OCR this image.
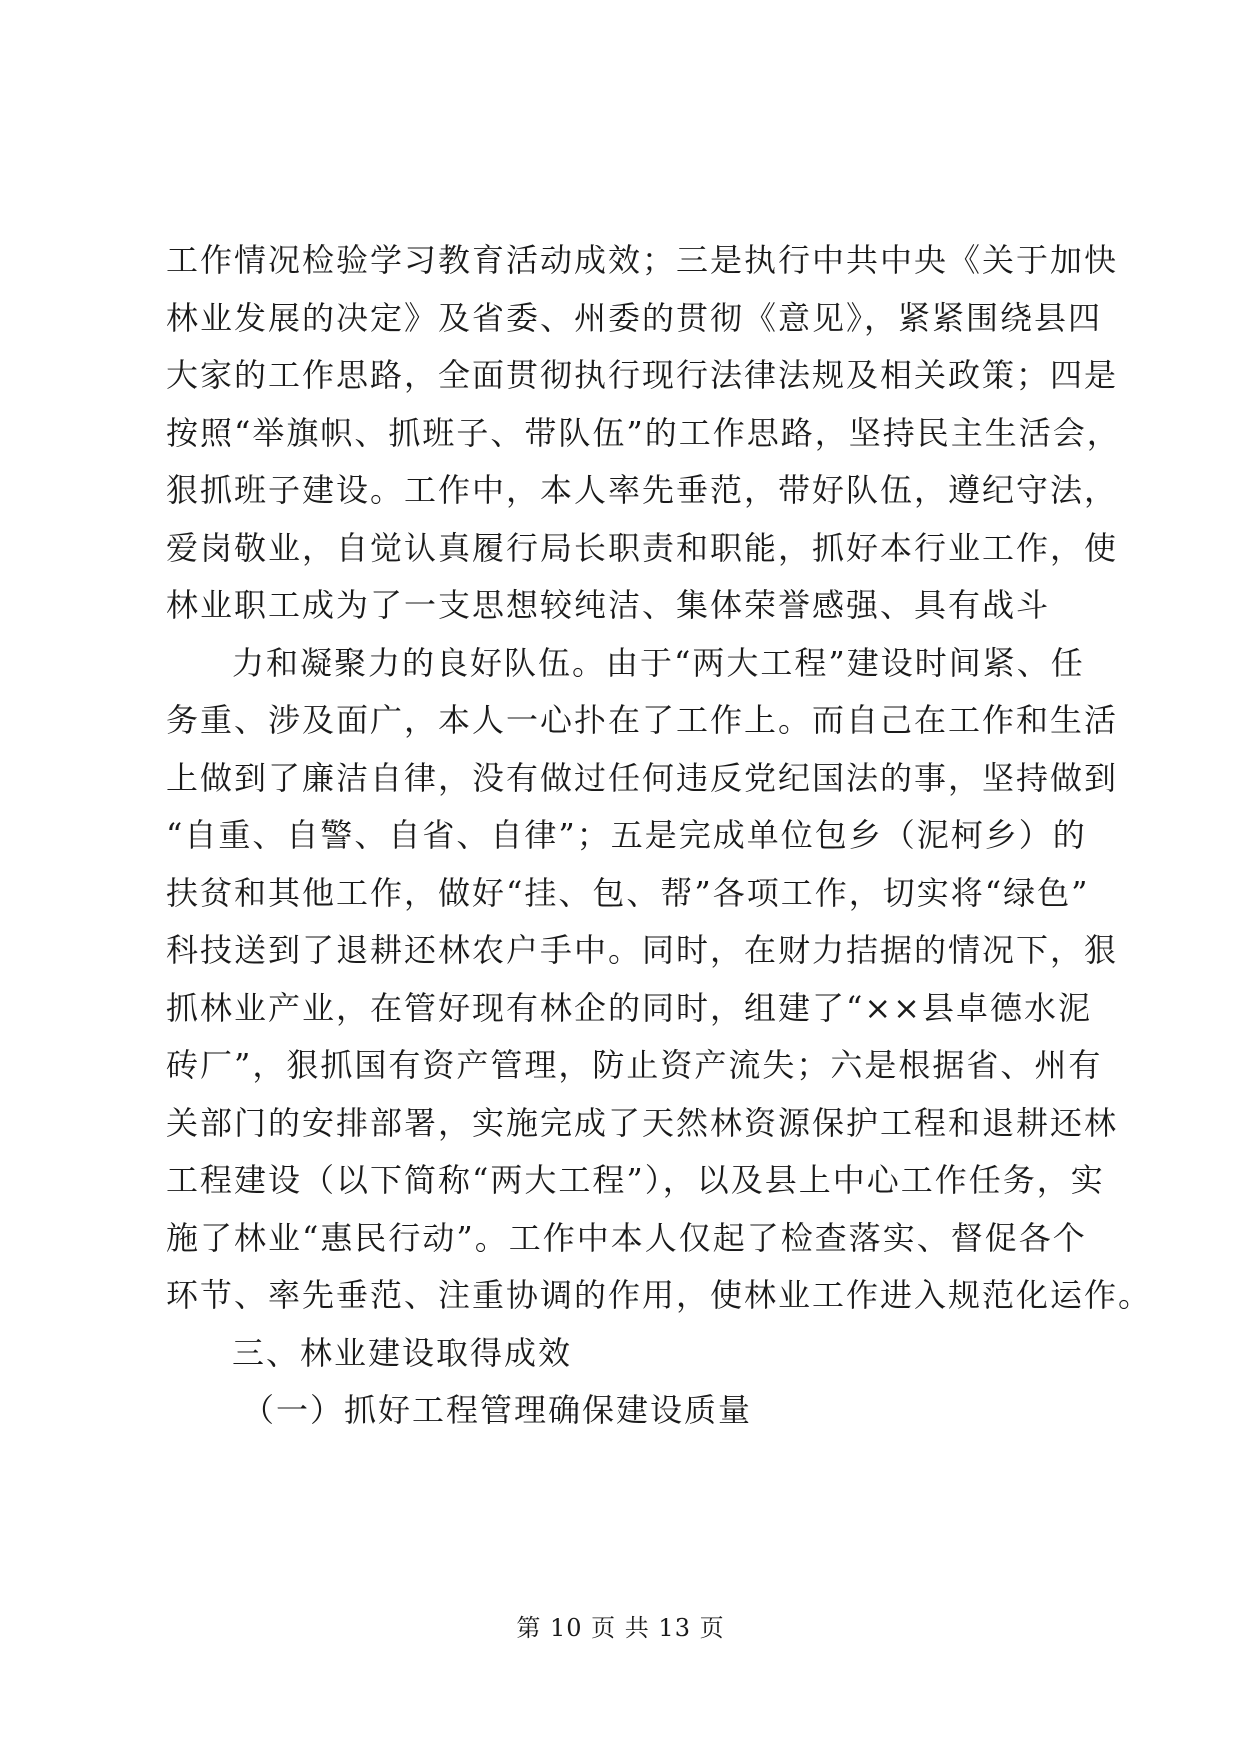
工作情况检验学习教育活动成效；三是执行中共中央《关于加快
林业发展的决定》及省委、州委的贯彻《意见》，紧紧围绕县四
大家的工作思路，全面贯彻执行现行法律法规及相关政策；四是
按照“举旗帜、抓班子、带队伍”的工作思路，坚持民主生活会，
狠抓班子建设。工作中，本人率先垂范，带好队伍，遵纪守法，
爱岗敬业，自觉认真履行局长职责和职能，抓好本行业工作，使
林业职工成为了一支思想较纯洁、集体荣誉感强、具有战斗
力和凝聚力的良好队伍。由于“两大工程”建设时间紧、任
务重、涉及面广，本人一心扑在了工作上。而自己在工作和生活
上做到了廉洁自律，没有做过任何违反党纪国法的事，坚持做到
“自重、自警、自省、自律”；五是完成单位包乡（泥柯乡）的
扶贫和其他工作，做好“挂、包、帮”各项工作，切实将“绿色”
科技送到了退耕还林农户手中。同时，在财力拮据的情况下，狠
抓林业产业，在管好现有林企的同时，组建了“××县卓德水泥
砖厂”，狠抓国有资产管理，防止资产流失；六是根据省、州有
关部门的安排部署，实施完成了天然林资源保护工程和退耕还林
工程建设（以下简称“两大工程”），以及县上中心工作任务，实
施了林业“惠民行动”。工作中本人仅起了检查落实、督促各个
环节、率先垂范、注重协调的作用，使林业工作进入规范化运作。
三、林业建设取得成效
（一）抓好工程管理确保建设质量
第 10 页 共 13 页
